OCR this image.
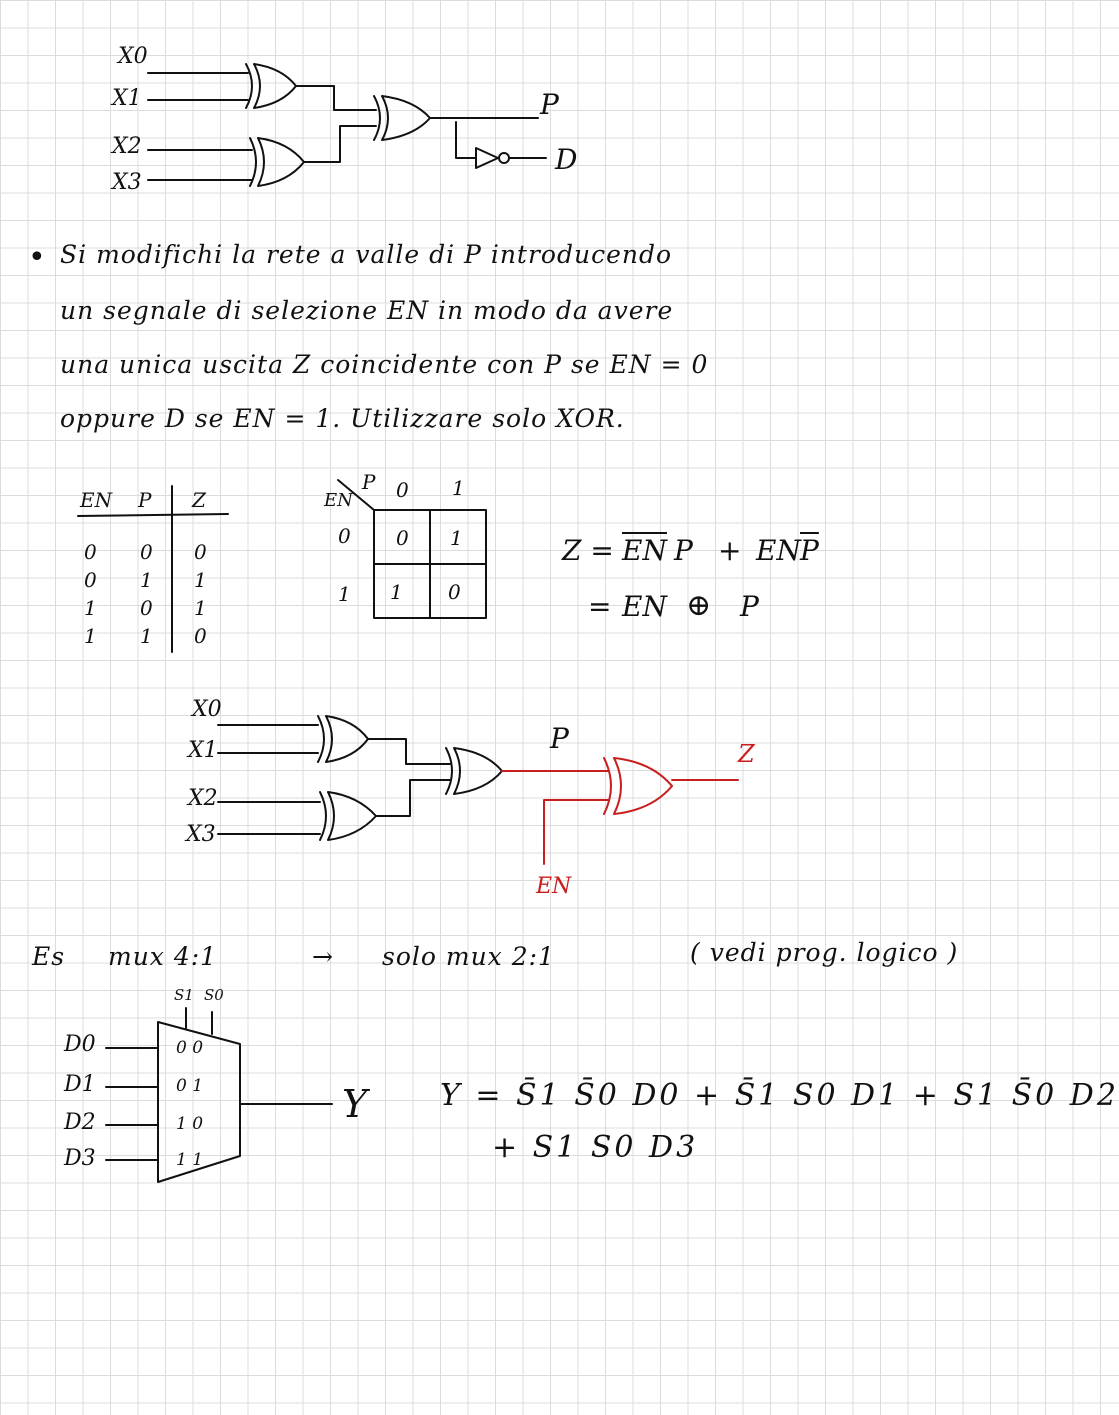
X0
X1
X2
X3
P
D
• Si modifichi la rete a valle di P introducendo
un segnale di selezione EN in modo da avere
una unica uscita Z coincidente con P se EN = 0
oppure D se EN = 1. Utilizzare solo XOR.
EN P Z
0 0 0
0 1 1
1 0 1
1 1 0
EN
P 0 1
0
1
0 1
1 0
$Z = \overline{EN}$ P + EN $\overline{P}$
= EN ⊕ P
X0
X1
X2
X3
P	Z
EN
Es mux 4:1	→ solo mux 2:1	( vedi prog. logico )
S1 S0
D0
D1
D2
D3
0 0
0 1
1 0
1 1
Y Y = S̄1 S̄0 D0 + S̄1 S0 D1 + S1 S̄0 D2
+ S1 S0 D3
